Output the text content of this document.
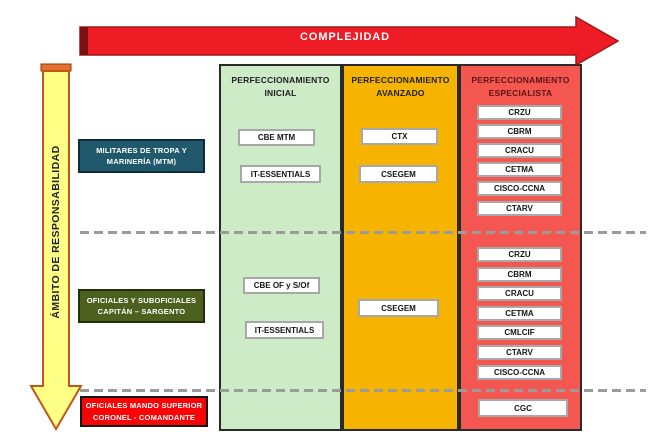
COMPLEJIDAD
ÁMBITO DE RESPONSABILIDAD
PERFECCIONAMIENTO
INICIAL
PERFECCIONAMIENTO
AVANZADO
PERFECCIONAMIENTO
ESPECIALISTA
MILITARES DE TROPA Y
MARINERÍA (MTM)
OFICIALES Y SUBOFICIALES
CAPITÁN – SARGENTO
OFICIALES MANDO SUPERIOR
CORONEL - COMANDANTE
CBE MTM
IT-ESSENTIALS
CTX
CSEGEM
CRZU
CBRM
CRACU
CETMA
CISCO-CCNA
CTARV
CBE OF y S/Of
IT-ESSENTIALS
CSEGEM
CRZU
CBRM
CRACU
CETMA
CMLCIF
CTARV
CISCO-CCNA
CGC
